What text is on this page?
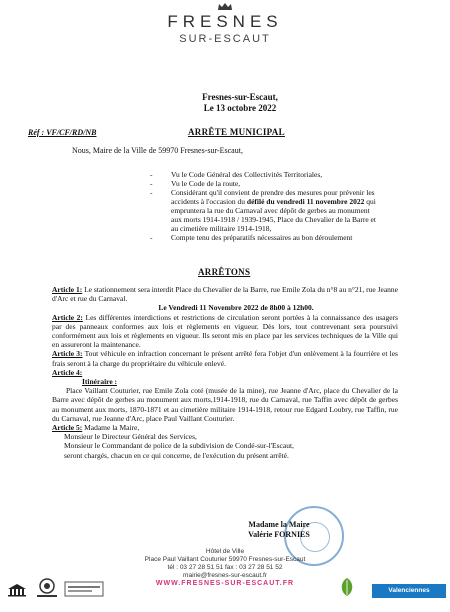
FRESNES
SUR-ESCAUT
Fresnes-sur-Escaut,
Le 13 octobre 2022
Réf : VF/CF/RD/NB	ARRÊTE MUNICIPAL
Nous, Maire de la Ville de 59970 Fresnes-sur-Escaut,
- Vu le Code Général des Collectivités Territoriales,
- Vu le Code de la route,
- Considérant qu'il convient de prendre des mesures pour prévenir les accidents à l'occasion du défilé du vendredi 11 novembre 2022 qui empruntera la rue du Carnaval avec dépôt de gerbes au monument aux morts 1914-1918 / 1939-1945, Place du Chevalier de la Barre et au cimetière militaire 1914-1918,
- Compte tenu des préparatifs nécessaires au bon déroulement
ARRÊTONS

Article 1: Le stationnement sera interdit Place du Chevalier de la Barre, rue Emile Zola du n°8 au n°21, rue Jeanne d'Arc et rue du Carnaval.

Le Vendredi 11 Novembre 2022 de 8h00 à 12h00.

Article 2: Les différentes interdictions et restrictions de circulation seront portées à la connaissance des usagers par des panneaux conformes aux lois et règlements en vigueur. Dès lors, tout contrevenant sera poursuivi conformément aux lois et règlements en vigueur. Ils seront mis en place par les services techniques de la Ville qui en assureront la maintenance.

Article 3: Tout véhicule en infraction concernant le présent arrêté fera l'objet d'un enlèvement à la fourrière et les frais seront à la charge du propriétaire du véhicule enlevé.

Article 4:

Itinéraire :

Place Vaillant Couturier, rue Emile Zola coté (musée de la mine), rue Jeanne d'Arc, place du Chevalier de la Barre avec dépôt de gerbes au monument aux morts,1914-1918, rue du Carnaval, rue Taffin avec dépôt de gerbes au monument aux morts, 1870-1871 et au cimetière militaire 1914-1918, retour rue Edgard Loubry, rue Taffin, rue du Carnaval, rue Jeanne d'Arc, place Paul Vaillant Couturier.

Article 5: Madame la Maire,

Monsieur le Directeur Général des Services,

Monsieur le Commandant de police de la subdivision de Condé-sur-l'Escaut,

seront chargés, chacun en ce qui concerne, de l'exécution du présent arrêté.

Madame la Maire
Valérie FORNIES
Hôtel de Ville
Place Paul Vaillant Couturier 59970 Fresnes-sur-Escaut
tél : 03 27 28 51 51 fax : 03 27 28 51 52
mairie@fresnes-sur-escaut.fr
WWW.FRESNES-SUR-ESCAUT.FR
Valenciennes Métropole
